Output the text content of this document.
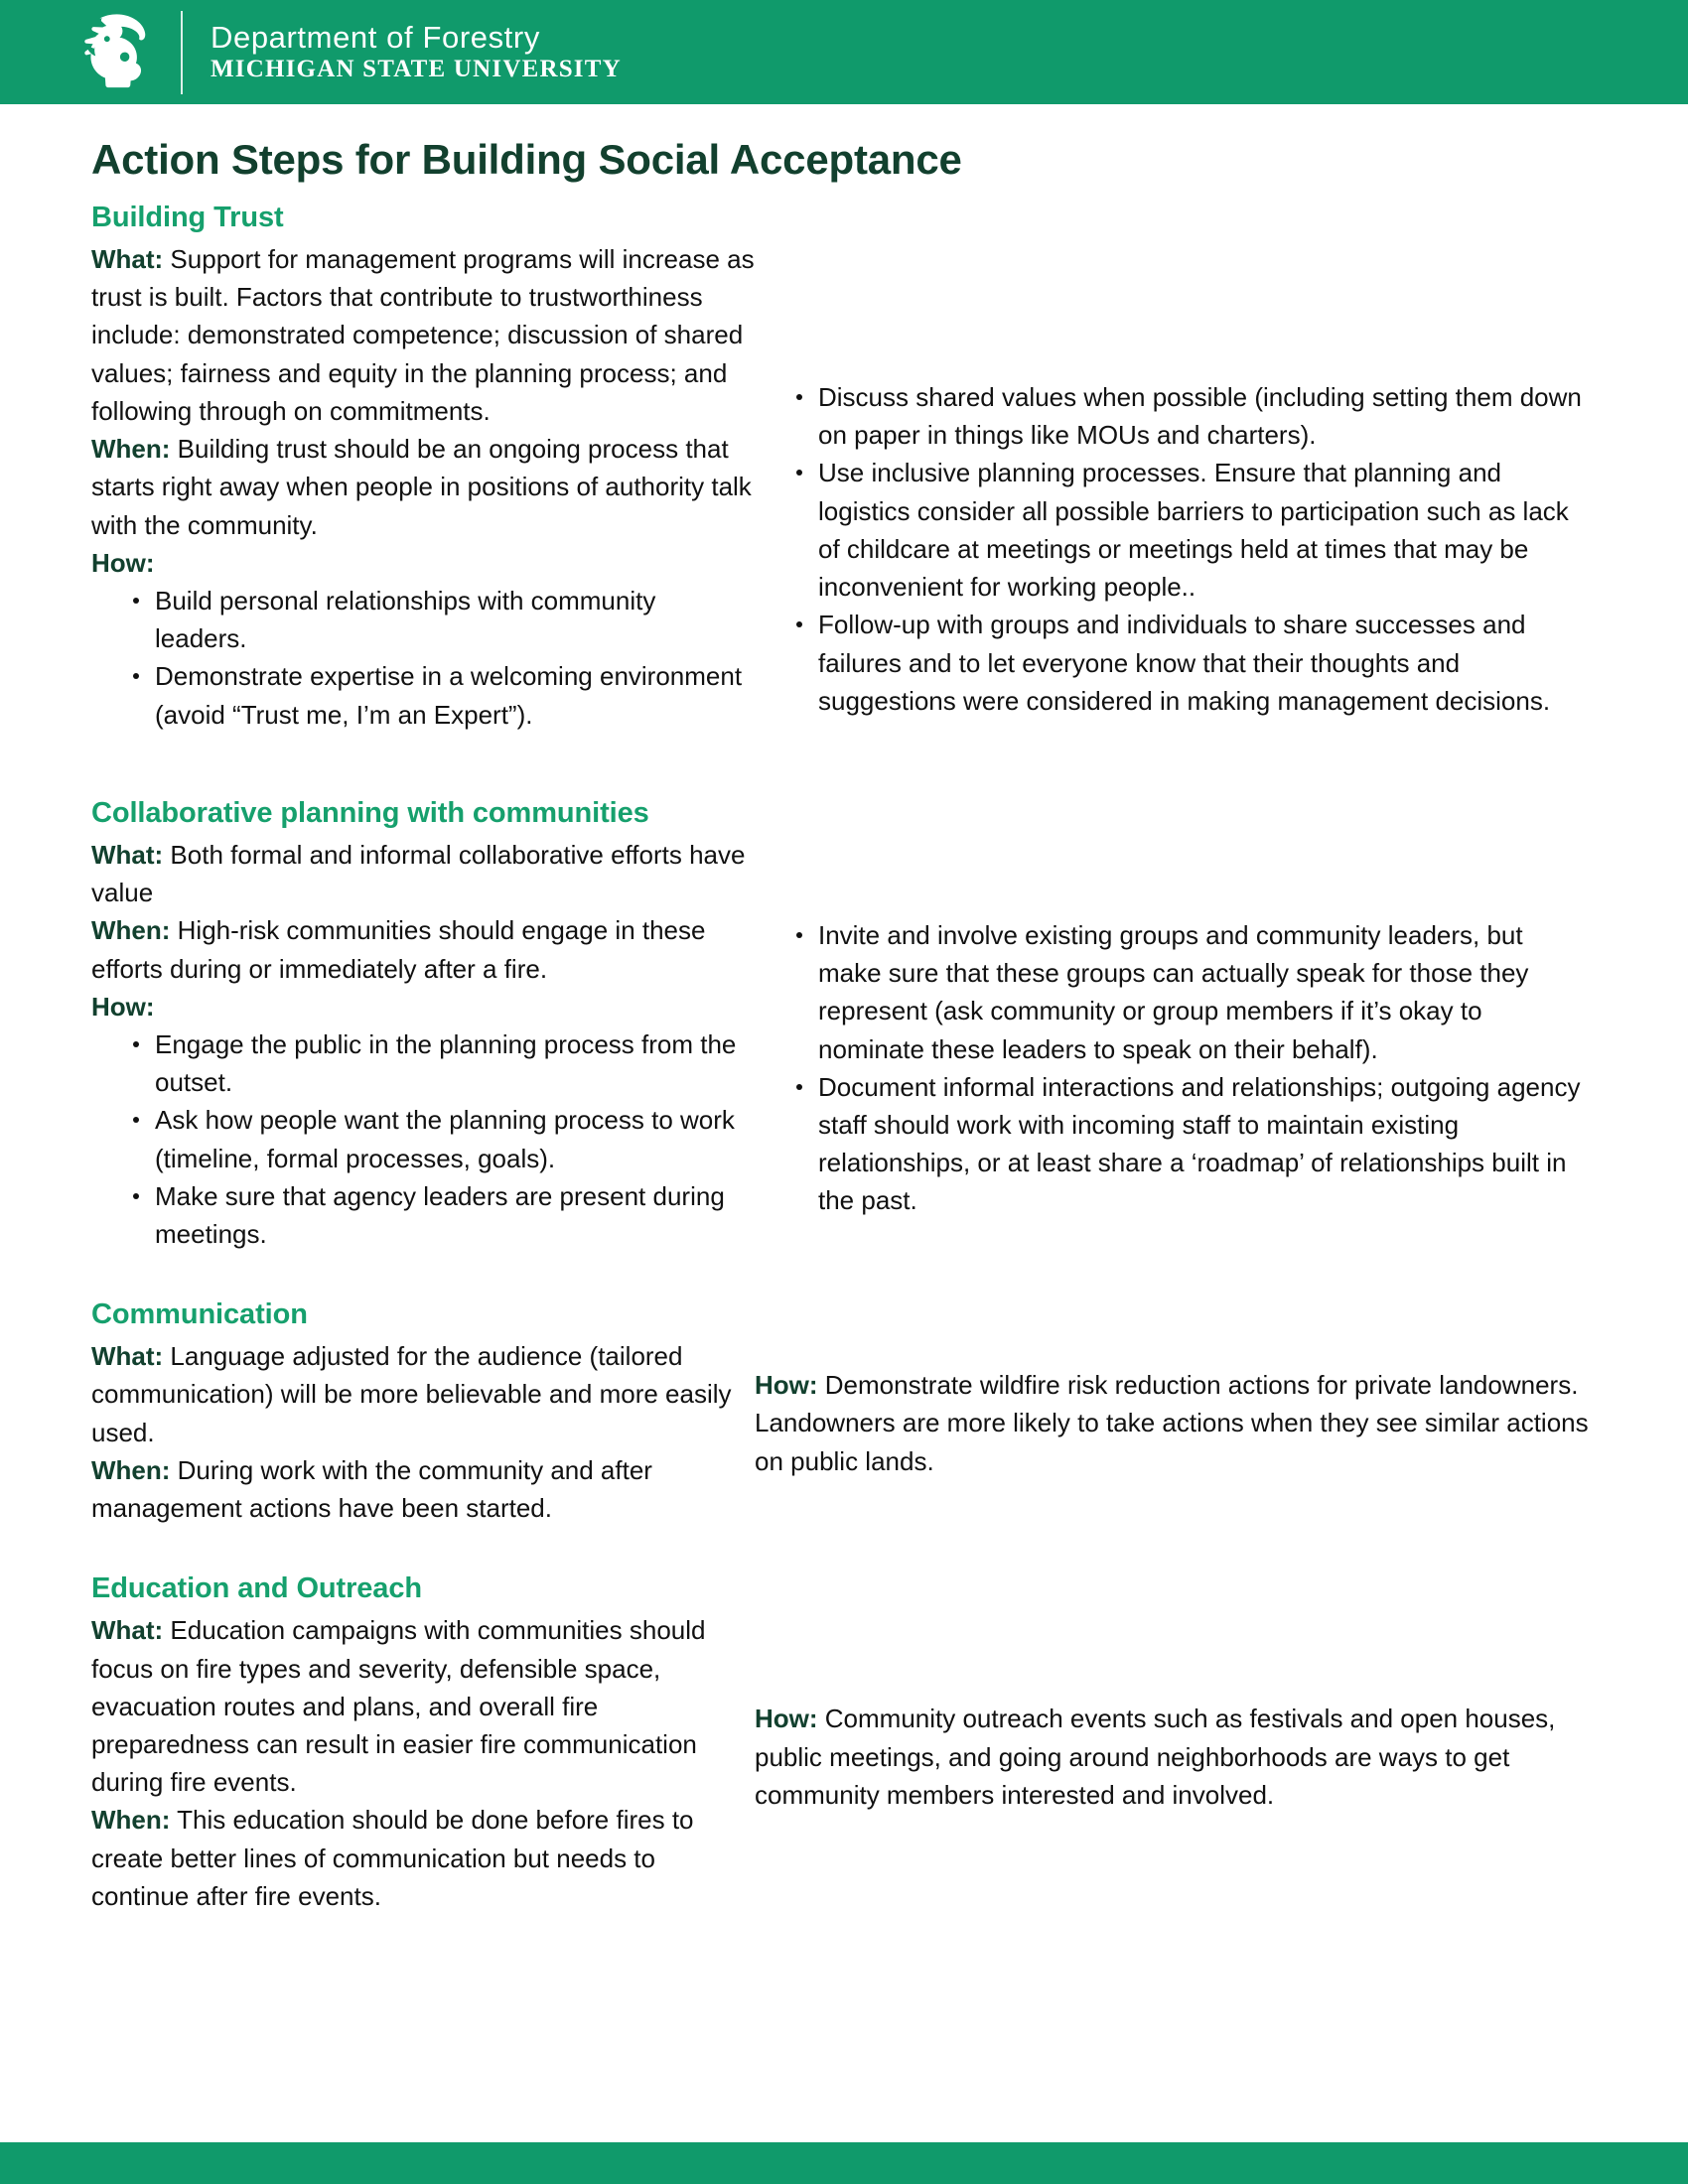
Department of Forestry
MICHIGAN STATE UNIVERSITY
Action Steps for Building Social Acceptance
Building Trust

What: Support for management programs will increase as trust is built. Factors that contribute to trustworthiness include: demonstrated competence; discussion of shared values; fairness and equity in the planning process; and following through on commitments.

When: Building trust should be an ongoing process that starts right away when people in positions of authority talk with the community.

How:

Build personal relationships with community leaders.
Demonstrate expertise in a welcoming environment (avoid “Trust me, I’m an Expert”).
Discuss shared values when possible (including setting them down on paper in things like MOUs and charters).
Use inclusive planning processes. Ensure that planning and logistics consider all possible barriers to participation such as lack of childcare at meetings or meetings held at times that may be inconvenient for working people..
Follow-up with groups and individuals to share successes and failures and to let everyone know that their thoughts and suggestions were considered in making management decisions.
Collaborative planning with communities

What: Both formal and informal collaborative efforts have value

When: High-risk communities should engage in these efforts during or immediately after a fire.

How:

Engage the public in the planning process from the outset.
Ask how people want the planning process to work (timeline, formal processes, goals).
Make sure that agency leaders are present during meetings.
Invite and involve existing groups and community leaders, but make sure that these groups can actually speak for those they represent (ask community or group members if it’s okay to nominate these leaders to speak on their behalf).
Document informal interactions and relationships; outgoing agency staff should work with incoming staff to maintain existing relationships, or at least share a ‘roadmap’ of relationships built in the past.
Communication

What: Language adjusted for the audience (tailored communication) will be more believable and more easily used.

When: During work with the community and after management actions have been started.

How: Demonstrate wildfire risk reduction actions for private landowners. Landowners are more likely to take actions when they see similar actions on public lands.

Education and Outreach

What: Education campaigns with communities should focus on fire types and severity, defensible space, evacuation routes and plans, and overall fire preparedness can result in easier fire communication during fire events.

When: This education should be done before fires to create better lines of communication but needs to continue after fire events.

How: Community outreach events such as festivals and open houses, public meetings, and going around neighborhoods are ways to get community members interested and involved.
